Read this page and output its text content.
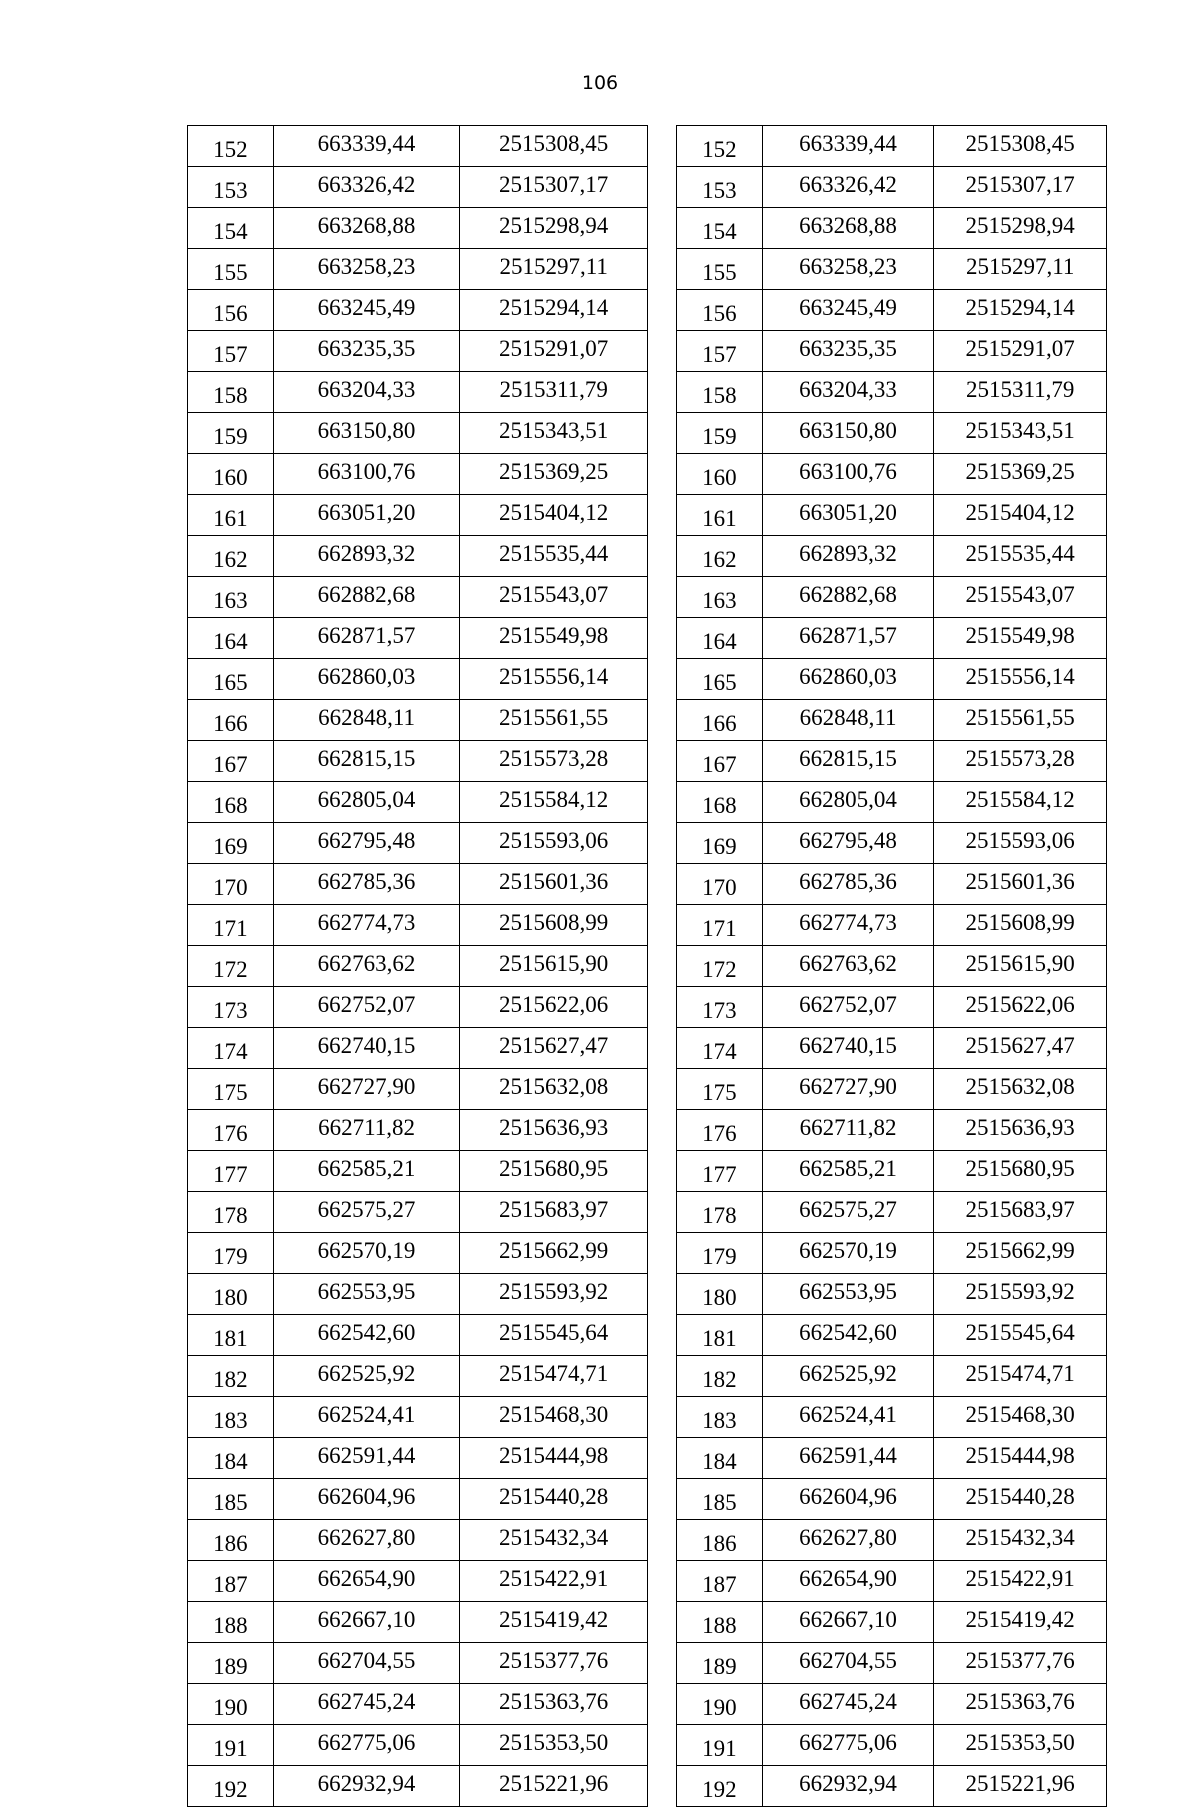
106
152	663339,44	2515308,45
153	663326,42	2515307,17
154	663268,88	2515298,94
155	663258,23	2515297,11
156	663245,49	2515294,14
157	663235,35	2515291,07
158	663204,33	2515311,79
159	663150,80	2515343,51
160	663100,76	2515369,25
161	663051,20	2515404,12
162	662893,32	2515535,44
163	662882,68	2515543,07
164	662871,57	2515549,98
165	662860,03	2515556,14
166	662848,11	2515561,55
167	662815,15	2515573,28
168	662805,04	2515584,12
169	662795,48	2515593,06
170	662785,36	2515601,36
171	662774,73	2515608,99
172	662763,62	2515615,90
173	662752,07	2515622,06
174	662740,15	2515627,47
175	662727,90	2515632,08
176	662711,82	2515636,93
177	662585,21	2515680,95
178	662575,27	2515683,97
179	662570,19	2515662,99
180	662553,95	2515593,92
181	662542,60	2515545,64
182	662525,92	2515474,71
183	662524,41	2515468,30
184	662591,44	2515444,98
185	662604,96	2515440,28
186	662627,80	2515432,34
187	662654,90	2515422,91
188	662667,10	2515419,42
189	662704,55	2515377,76
190	662745,24	2515363,76
191	662775,06	2515353,50
192	662932,94	2515221,96
152	663339,44	2515308,45
153	663326,42	2515307,17
154	663268,88	2515298,94
155	663258,23	2515297,11
156	663245,49	2515294,14
157	663235,35	2515291,07
158	663204,33	2515311,79
159	663150,80	2515343,51
160	663100,76	2515369,25
161	663051,20	2515404,12
162	662893,32	2515535,44
163	662882,68	2515543,07
164	662871,57	2515549,98
165	662860,03	2515556,14
166	662848,11	2515561,55
167	662815,15	2515573,28
168	662805,04	2515584,12
169	662795,48	2515593,06
170	662785,36	2515601,36
171	662774,73	2515608,99
172	662763,62	2515615,90
173	662752,07	2515622,06
174	662740,15	2515627,47
175	662727,90	2515632,08
176	662711,82	2515636,93
177	662585,21	2515680,95
178	662575,27	2515683,97
179	662570,19	2515662,99
180	662553,95	2515593,92
181	662542,60	2515545,64
182	662525,92	2515474,71
183	662524,41	2515468,30
184	662591,44	2515444,98
185	662604,96	2515440,28
186	662627,80	2515432,34
187	662654,90	2515422,91
188	662667,10	2515419,42
189	662704,55	2515377,76
190	662745,24	2515363,76
191	662775,06	2515353,50
192	662932,94	2515221,96
